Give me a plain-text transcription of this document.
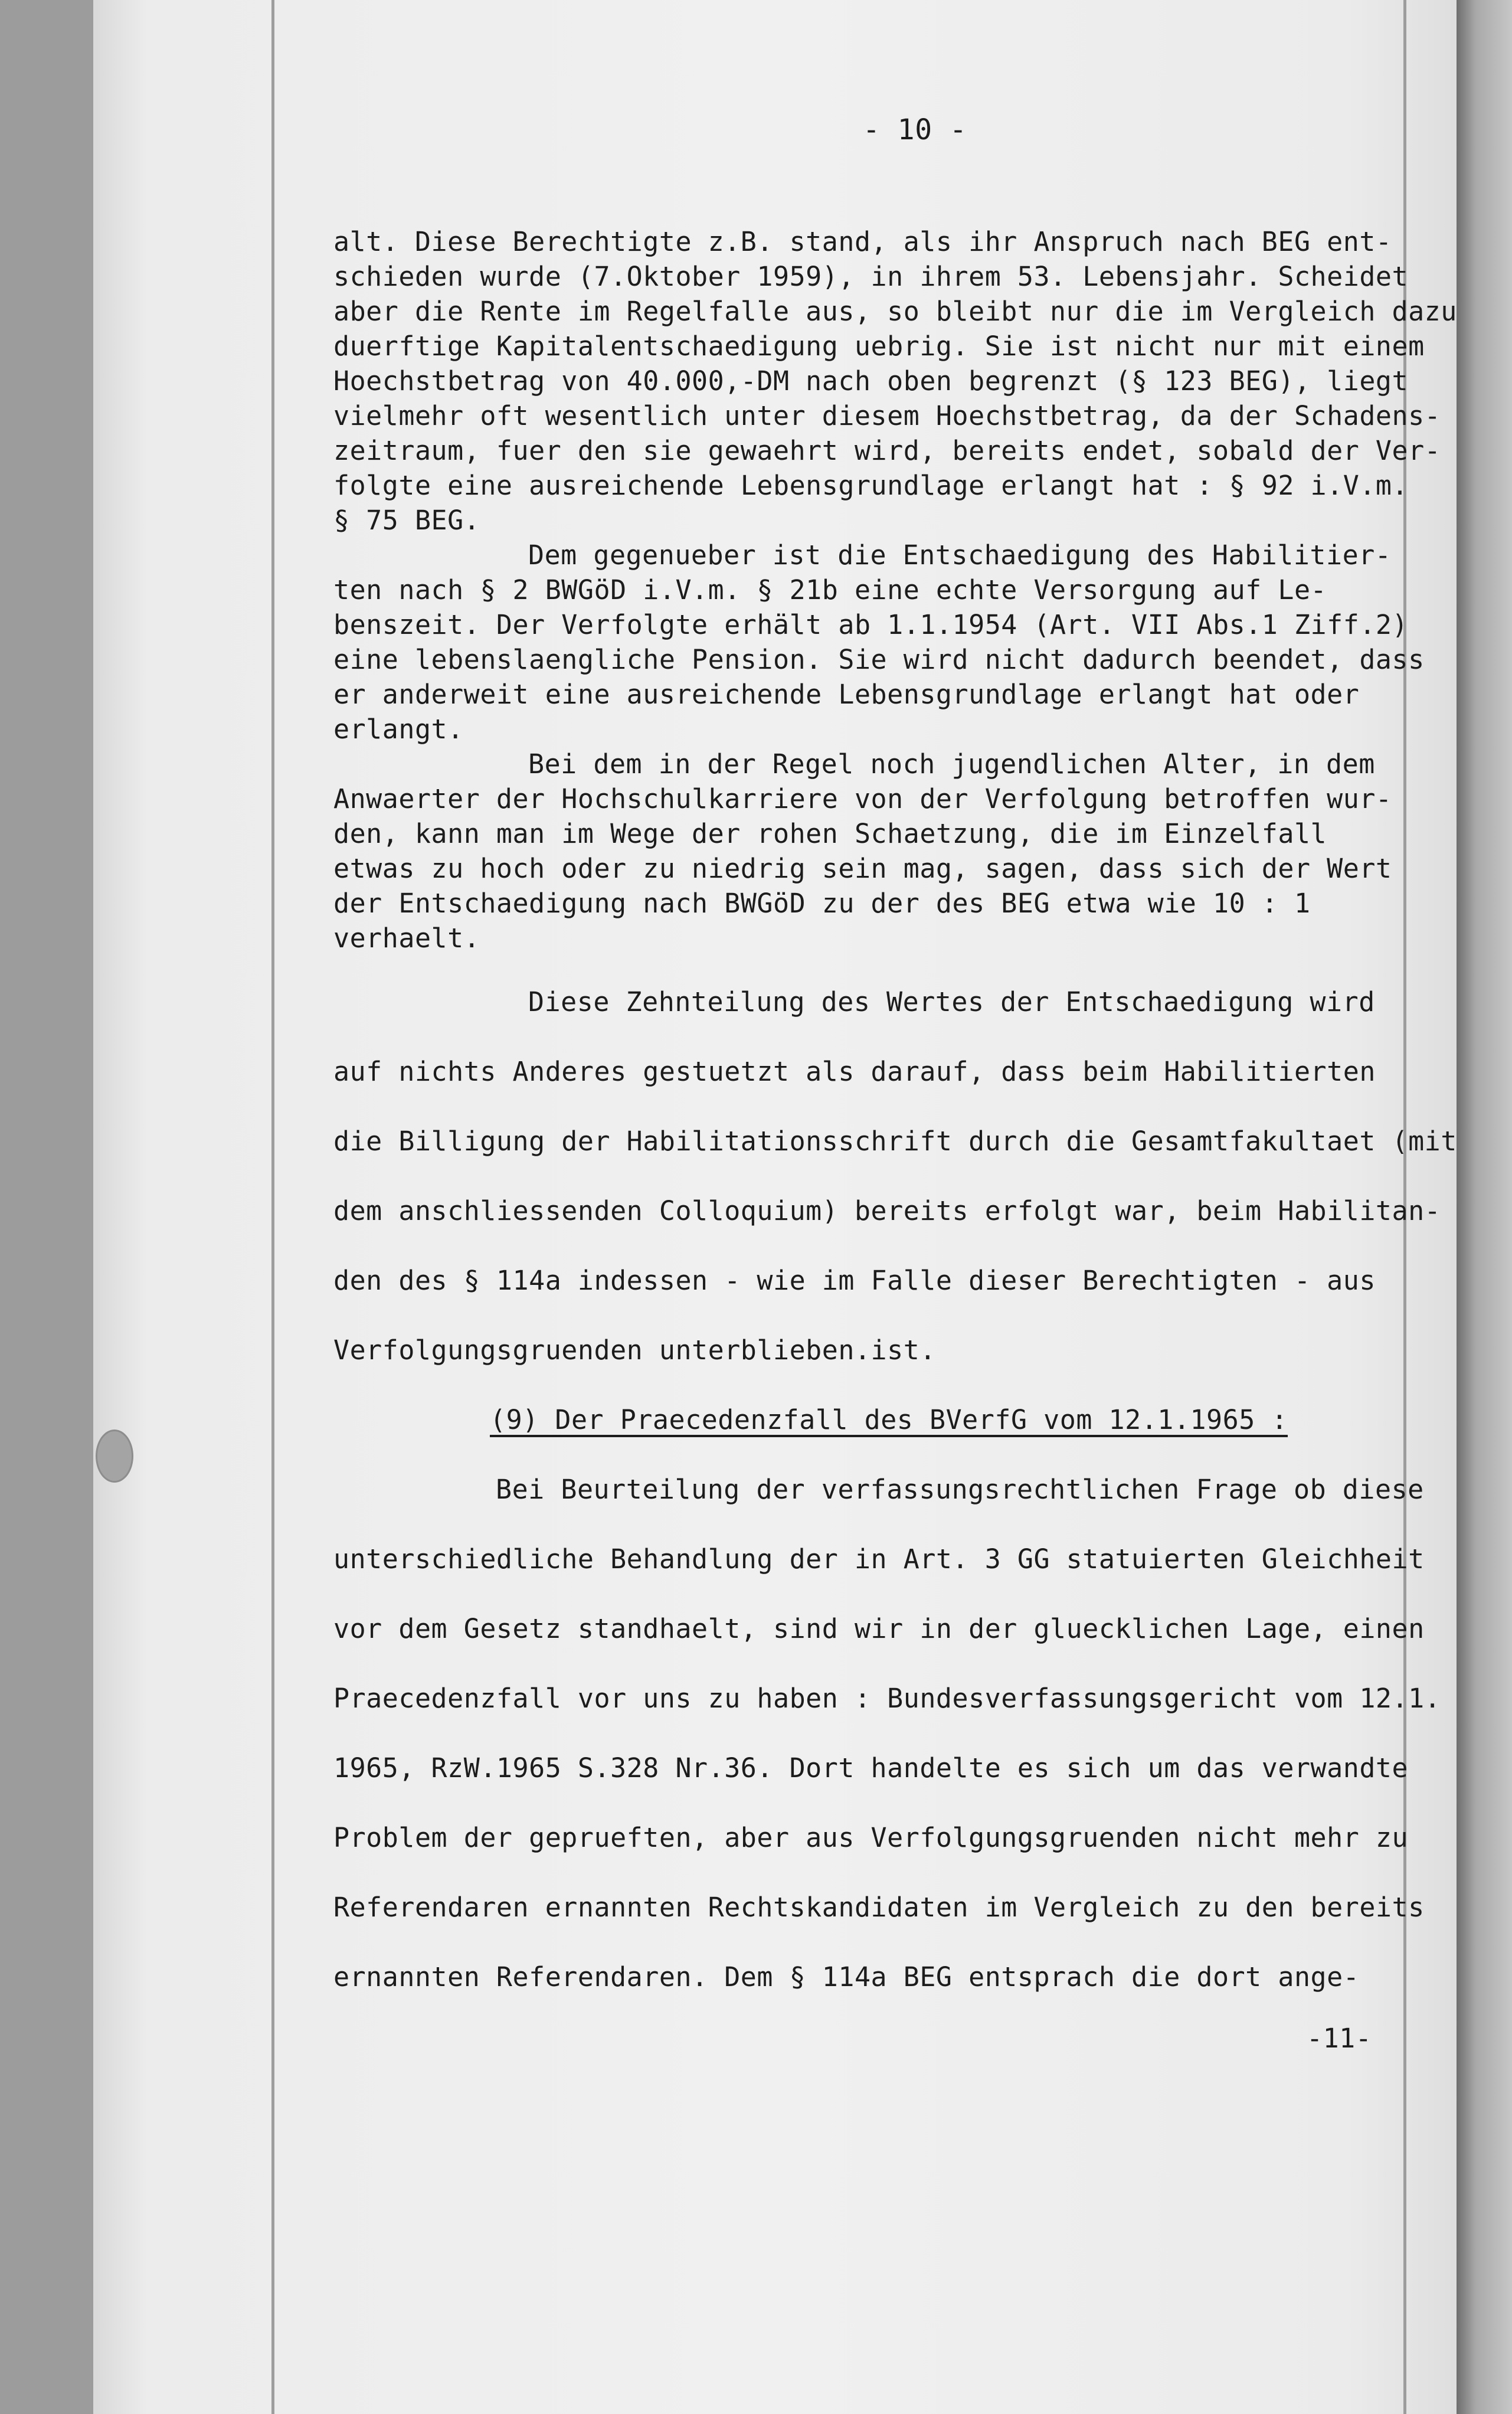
- 10 -
alt. Diese Berechtigte z.B. stand, als ihr Anspruch nach BEG ent-
schieden wurde (7.Oktober 1959), in ihrem 53. Lebensjahr. Scheidet
aber die Rente im Regelfalle aus, so bleibt nur die im Vergleich dazu
duerftige Kapitalentschaedigung uebrig. Sie ist nicht nur mit einem
Hoechstbetrag von 40.000,-DM nach oben begrenzt (§ 123 BEG), liegt
vielmehr oft wesentlich unter diesem Hoechstbetrag, da der Schadens-
zeitraum, fuer den sie gewaehrt wird, bereits endet, sobald der Ver-
folgte eine ausreichende Lebensgrundlage erlangt hat : § 92 i.V.m.
§ 75 BEG.
Dem gegenueber ist die Entschaedigung des Habilitier-
ten nach § 2 BWGöD i.V.m. § 21b eine echte Versorgung auf Le-
benszeit. Der Verfolgte erhält ab 1.1.1954 (Art. VII Abs.1 Ziff.2)
eine lebenslaengliche Pension. Sie wird nicht dadurch beendet, dass
er anderweit eine ausreichende Lebensgrundlage erlangt hat oder
erlangt.
Bei dem in der Regel noch jugendlichen Alter, in dem
Anwaerter der Hochschulkarriere von der Verfolgung betroffen wur-
den, kann man im Wege der rohen Schaetzung, die im Einzelfall
etwas zu hoch oder zu niedrig sein mag, sagen, dass sich der Wert
der Entschaedigung nach BWGöD zu der des BEG etwa wie 10 : 1
verhaelt.
Diese Zehnteilung des Wertes der Entschaedigung wird
auf nichts Anderes gestuetzt als darauf, dass beim Habilitierten
die Billigung der Habilitationsschrift durch die Gesamtfakultaet (mit
dem anschliessenden Colloquium) bereits erfolgt war, beim Habilitan-
den des § 114a indessen - wie im Falle dieser Berechtigten - aus
Verfolgungsgruenden unterblieben.ist.
(9) Der Praecedenzfall des BVerfG vom 12.1.1965 :
Bei Beurteilung der verfassungsrechtlichen Frage ob diese
unterschiedliche Behandlung der in Art. 3 GG statuierten Gleichheit
vor dem Gesetz standhaelt, sind wir in der gluecklichen Lage, einen
Praecedenzfall vor uns zu haben : Bundesverfassungsgericht vom 12.1.
1965, RzW.1965 S.328 Nr.36. Dort handelte es sich um das verwandte
Problem der geprueften, aber aus Verfolgungsgruenden nicht mehr zu
Referendaren ernannten Rechtskandidaten im Vergleich zu den bereits
ernannten Referendaren. Dem § 114a BEG entsprach die dort ange-
-11-
